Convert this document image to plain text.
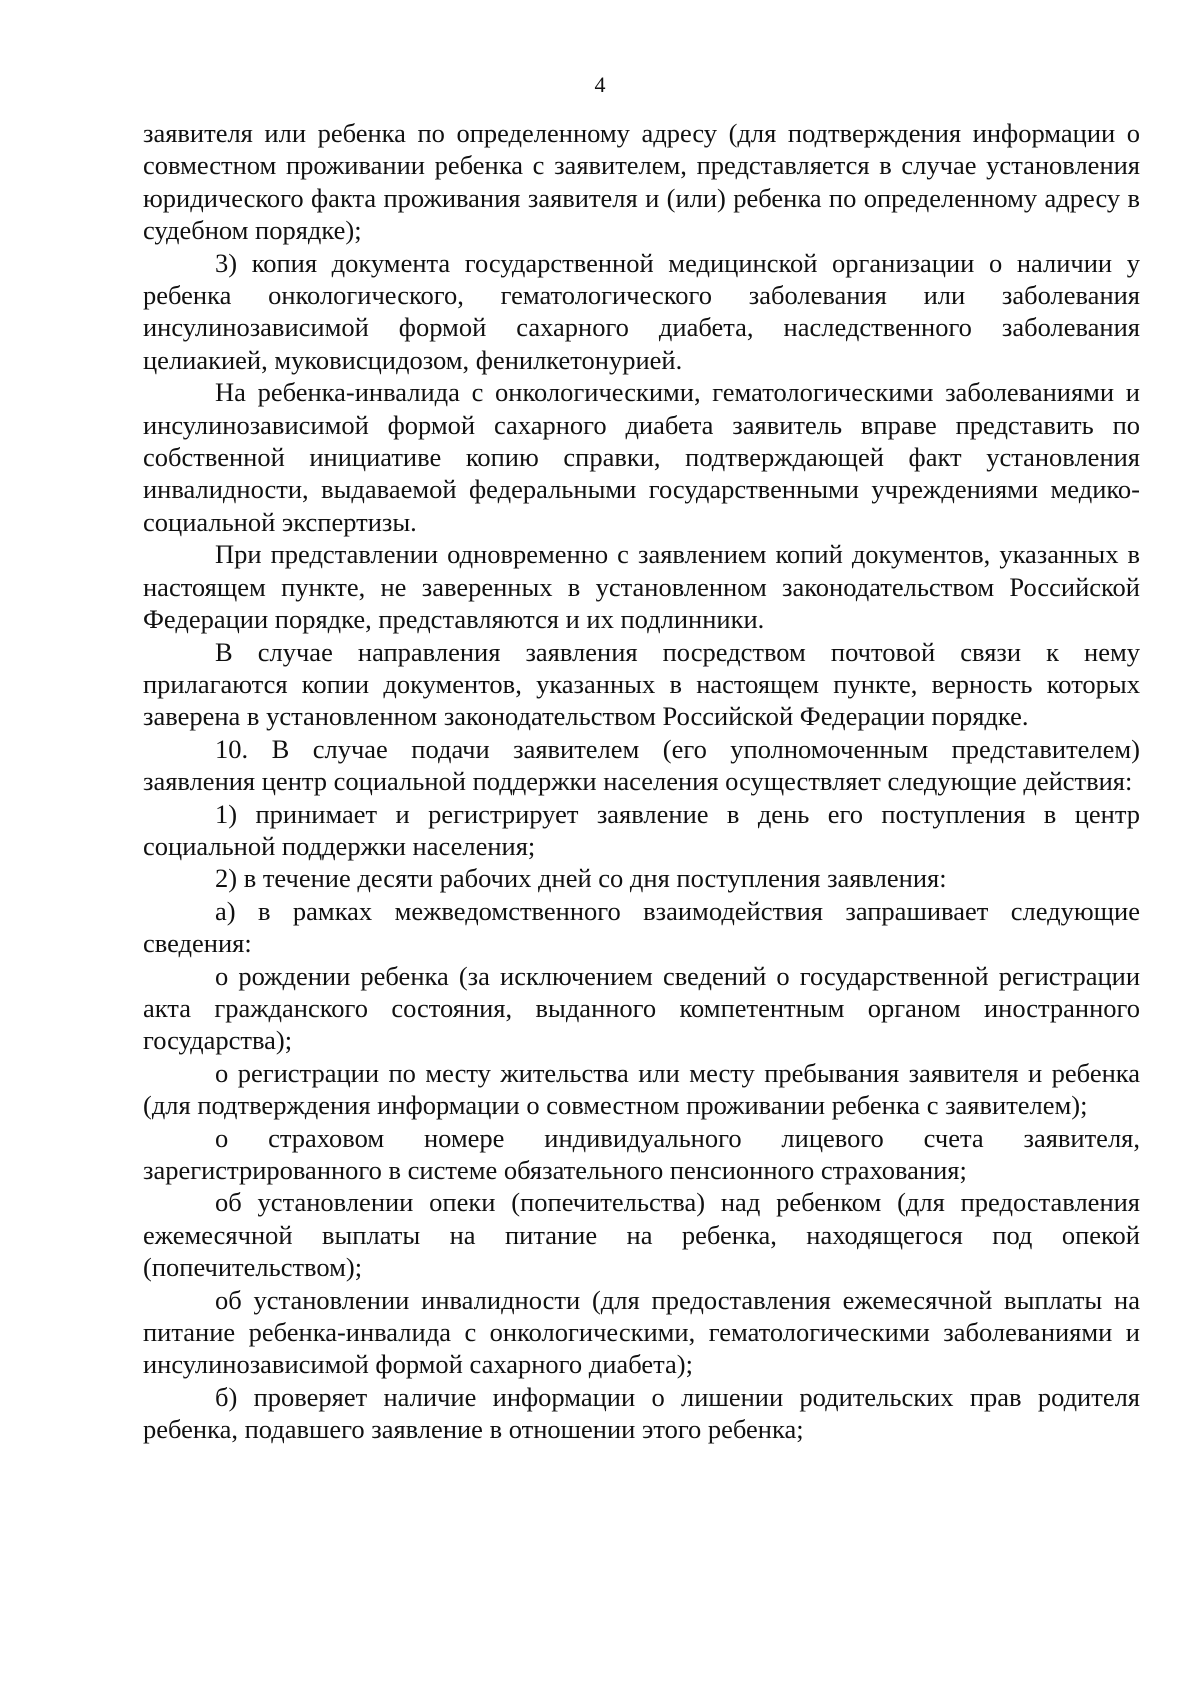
4

заявителя или ребенка по определенному адресу (для подтверждения информации о совместном проживании ребенка с заявителем, представляется в случае установления юридического факта проживания заявителя и (или) ребенка по определенному адресу в судебном порядке);

3) копия документа государственной медицинской организации о наличии у ребенка онкологического, гематологического заболевания или заболевания инсулинозависимой формой сахарного диабета, наследственного заболевания целиакией, муковисцидозом, фенилкетонурией.

На ребенка-инвалида с онкологическими, гематологическими заболеваниями и инсулинозависимой формой сахарного диабета заявитель вправе представить по собственной инициативе копию справки, подтверждающей факт установления инвалидности, выдаваемой федеральными государственными учреждениями медико-социальной экспертизы.

При представлении одновременно с заявлением копий документов, указанных в настоящем пункте, не заверенных в установленном законодательством Российской Федерации порядке, представляются и их подлинники.

В случае направления заявления посредством почтовой связи к нему прилагаются копии документов, указанных в настоящем пункте, верность которых заверена в установленном законодательством Российской Федерации порядке.

10. В случае подачи заявителем (его уполномоченным представителем) заявления центр социальной поддержки населения осуществляет следующие действия:

1) принимает и регистрирует заявление в день его поступления в центр социальной поддержки населения;

2) в течение десяти рабочих дней со дня поступления заявления:

а) в рамках межведомственного взаимодействия запрашивает следующие сведения:

о рождении ребенка (за исключением сведений о государственной регистрации акта гражданского состояния, выданного компетентным органом иностранного государства);

о регистрации по месту жительства или месту пребывания заявителя и ребенка (для подтверждения информации о совместном проживании ребенка с заявителем);

о страховом номере индивидуального лицевого счета заявителя, зарегистрированного в системе обязательного пенсионного страхования;

об установлении опеки (попечительства) над ребенком (для предоставления ежемесячной выплаты на питание на ребенка, находящегося под опекой (попечительством);

об установлении инвалидности (для предоставления ежемесячной выплаты на питание ребенка-инвалида с онкологическими, гематологическими заболеваниями и инсулинозависимой формой сахарного диабета);

б) проверяет наличие информации о лишении родительских прав родителя ребенка, подавшего заявление в отношении этого ребенка;
